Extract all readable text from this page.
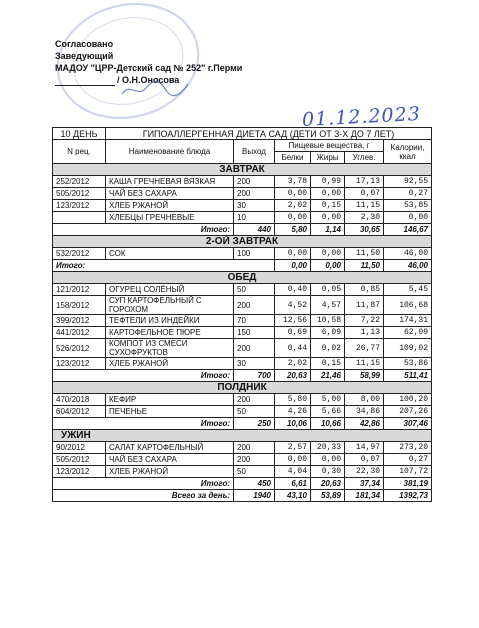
Согласовано
Заведующий
МАДОУ "ЦРР-Детский сад № 252" г.Перми
/ О.Н.Оносова
01.12.2023
10 ДЕНЬ	ГИПОАЛЛЕРГЕННАЯ ДИЕТА САД (ДЕТИ ОТ 3-Х ДО 7 ЛЕТ)					
N рец.	Наименование блюда	Выход	Пищевые вещества, г			Калории, ккал
			Белки	Жиры	Углев.	
ЗАВТРАК						
252/2012	КАША ГРЕЧНЕВАЯ ВЯЗКАЯ	200	3,78	0,99	17,13	92,55
505/2012	ЧАЙ БЕЗ САХАРА	200	0,00	0,00	0,07	0,27
123/2012	ХЛЕБ РЖАНОЙ	30	2,02	0,15	11,15	53,85
	ХЛЕБЦЫ ГРЕЧНЕВЫЕ	10	0,00	0,00	2,30	0,00
Итого:		440	5,80	1,14	30,65	146,67
2-ОЙ ЗАВТРАК						
532/2012	СОК	100	0,00	0,00	11,50	46,00
Итого:			0,00	0,00	11,50	46,00
ОБЕД						
121/2012	ОГУРЕЦ СОЛЁНЫЙ	50	0,40	0,05	0,85	5,45
158/2012	СУП КАРТОФЕЛЬНЫЙ С ГОРОХОМ	200	4,52	4,57	11,87	106,68
399/2012	ТЕФТЕЛИ ИЗ ИНДЕЙКИ	70	12,56	10,58	7,22	174,31
441/2012	КАРТОФЕЛЬНОЕ ПЮРЕ	150	0,69	6,09	1,13	62,09
526/2012	КОМПОТ ИЗ СМЕСИ СУХОФРУКТОВ	200	0,44	0,02	26,77	109,02
123/2012	ХЛЕБ РЖАНОЙ	30	2,02	0,15	11,15	53,86
Итого:		700	20,63	21,46	58,99	511,41
ПОЛДНИК						
470/2018	КЕФИР	200	5,80	5,00	8,00	100,20
604/2012	ПЕЧЕНЬЕ	50	4,26	5,66	34,86	207,26
Итого:		250	10,06	10,66	42,86	307,46
УЖИН						
90/2012	САЛАТ КАРТОФЕЛЬНЫЙ	200	2,57	20,33	14,97	273,20
505/2012	ЧАЙ БЕЗ САХАРА	200	0,00	0,00	0,07	0,27
123/2012	ХЛЕБ РЖАНОЙ	50	4,04	0,30	22,30	107,72
Итого:		450	6,61	20,63	37,34	381,19
Всего за день:		1940	43,10	53,89	181,34	1392,73
